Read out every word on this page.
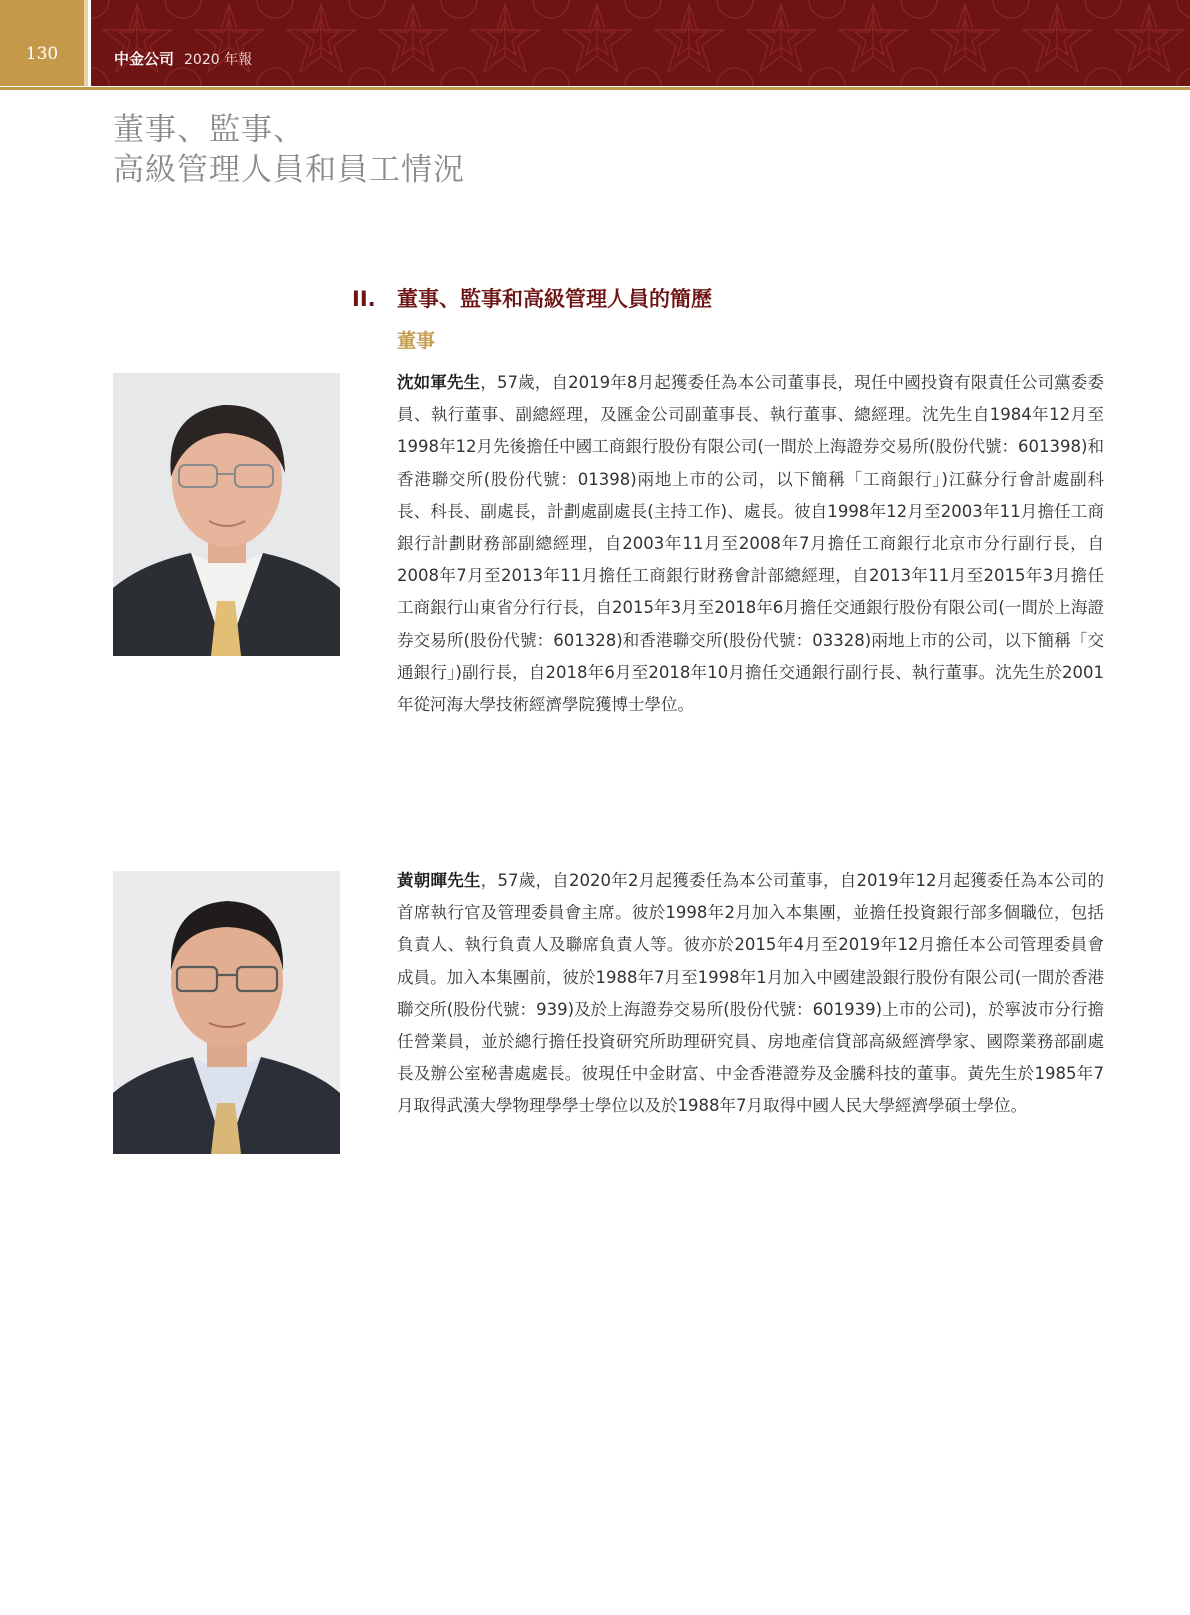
130	中金公司 2020 年報
董事、監事、
高級管理人員和員工情況
II. 董事、監事和高級管理人員的簡歷
董事
沈如軍先生，57歲，自2019年8月起獲委任為本公司董事長，現任中國投資有限責任公司黨委委員、執行董事、副總經理，及匯金公司副董事長、執行董事、總經理。沈先生自1984年12月至1998年12月先後擔任中國工商銀行股份有限公司(一間於上海證券交易所(股份代號：601398)和香港聯交所(股份代號：01398)兩地上市的公司，以下簡稱「工商銀行」)江蘇分行會計處副科長、科長、副處長，計劃處副處長(主持工作)、處長。彼自1998年12月至2003年11月擔任工商銀行計劃財務部副總經理，自2003年11月至2008年7月擔任工商銀行北京市分行副行長，自2008年7月至2013年11月擔任工商銀行財務會計部總經理，自2013年11月至2015年3月擔任工商銀行山東省分行行長，自2015年3月至2018年6月擔任交通銀行股份有限公司(一間於上海證券交易所(股份代號：601328)和香港聯交所(股份代號：03328)兩地上市的公司，以下簡稱「交通銀行」)副行長，自2018年6月至2018年10月擔任交通銀行副行長、執行董事。沈先生於2001年從河海大學技術經濟學院獲博士學位。
黃朝暉先生，57歲，自2020年2月起獲委任為本公司董事，自2019年12月起獲委任為本公司的首席執行官及管理委員會主席。彼於1998年2月加入本集團，並擔任投資銀行部多個職位，包括負責人、執行負責人及聯席負責人等。彼亦於2015年4月至2019年12月擔任本公司管理委員會成員。加入本集團前，彼於1988年7月至1998年1月加入中國建設銀行股份有限公司(一間於香港聯交所(股份代號：939)及於上海證券交易所(股份代號：601939)上市的公司)，於寧波市分行擔任營業員，並於總行擔任投資研究所助理研究員、房地產信貸部高級經濟學家、國際業務部副處長及辦公室秘書處處長。彼現任中金財富、中金香港證券及金騰科技的董事。黃先生於1985年7月取得武漢大學物理學學士學位以及於1988年7月取得中國人民大學經濟學碩士學位。
